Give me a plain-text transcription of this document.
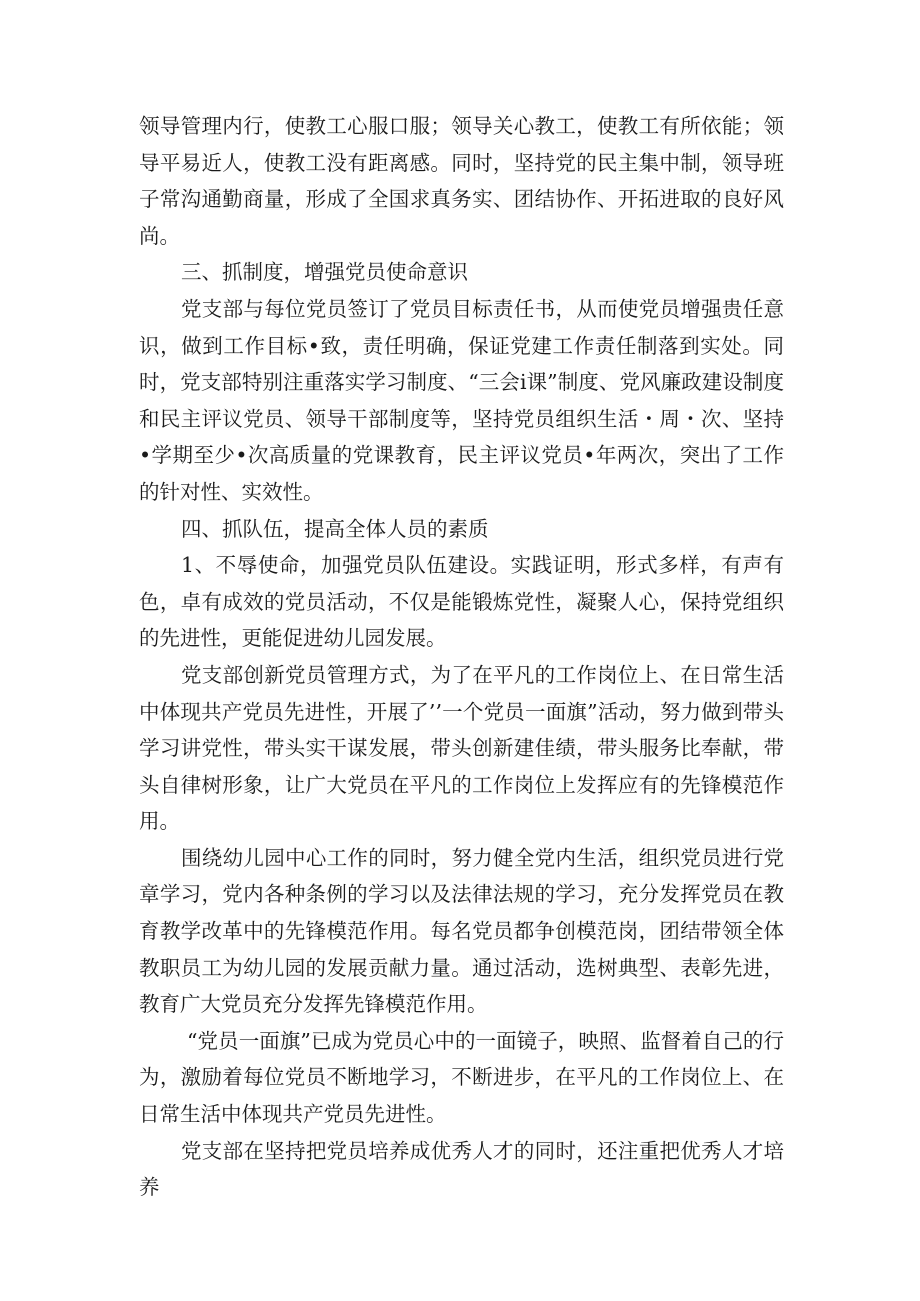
领导管理内行，使教工心服口服；领导关心教工，使教工有所依能；领导平易近人，使教工没有距离感。同时，坚持党的民主集中制，领导班子常沟通勤商量，形成了全国求真务实、团结协作、开拓进取的良好风尚。

三、抓制度，增强党员使命意识

党支部与每位党员签订了党员目标责任书，从而使党员增强贵任意识，做到工作目标•致，责任明确，保证党建工作责任制落到实处。同时，党支部特别注重落实学习制度、“三会i课”制度、党风廉政建设制度和民主评议党员、领导干部制度等，坚持党员组织生活・周・次、坚持•学期至少•次高质量的党课教育，民主评议党员•年两次，突出了工作的针对性、实效性。

四、抓队伍，提高全体人员的素质

1、不辱使命，加强党员队伍建设。实践证明，形式多样，有声有色，卓有成效的党员活动，不仅是能锻炼党性，凝聚人心，保持党组织的先进性，更能促进幼儿园发展。

党支部创新党员管理方式，为了在平凡的工作岗位上、在日常生活中体现共产党员先进性，开展了’’一个党员一面旗”活动，努力做到带头学习讲党性，带头实干谋发展，带头创新建佳绩，带头服务比奉献，带头自律树形象，让广大党员在平凡的工作岗位上发挥应有的先锋模范作用。

围绕幼儿园中心工作的同时，努力健全党内生活，组织党员进行党章学习，党内各种条例的学习以及法律法规的学习，充分发挥党员在教育教学改革中的先锋模范作用。每名党员都争创模范岗，团结带领全体教职员工为幼儿园的发展贡献力量。通过活动，选树典型、表彰先进，教育广大党员充分发挥先锋模范作用。

“党员一面旗”已成为党员心中的一面镜子，映照、监督着自己的行为，激励着每位党员不断地学习，不断进步，在平凡的工作岗位上、在日常生活中体现共产党员先进性。

党支部在坚持把党员培养成优秀人才的同时，还注重把优秀人才培养
